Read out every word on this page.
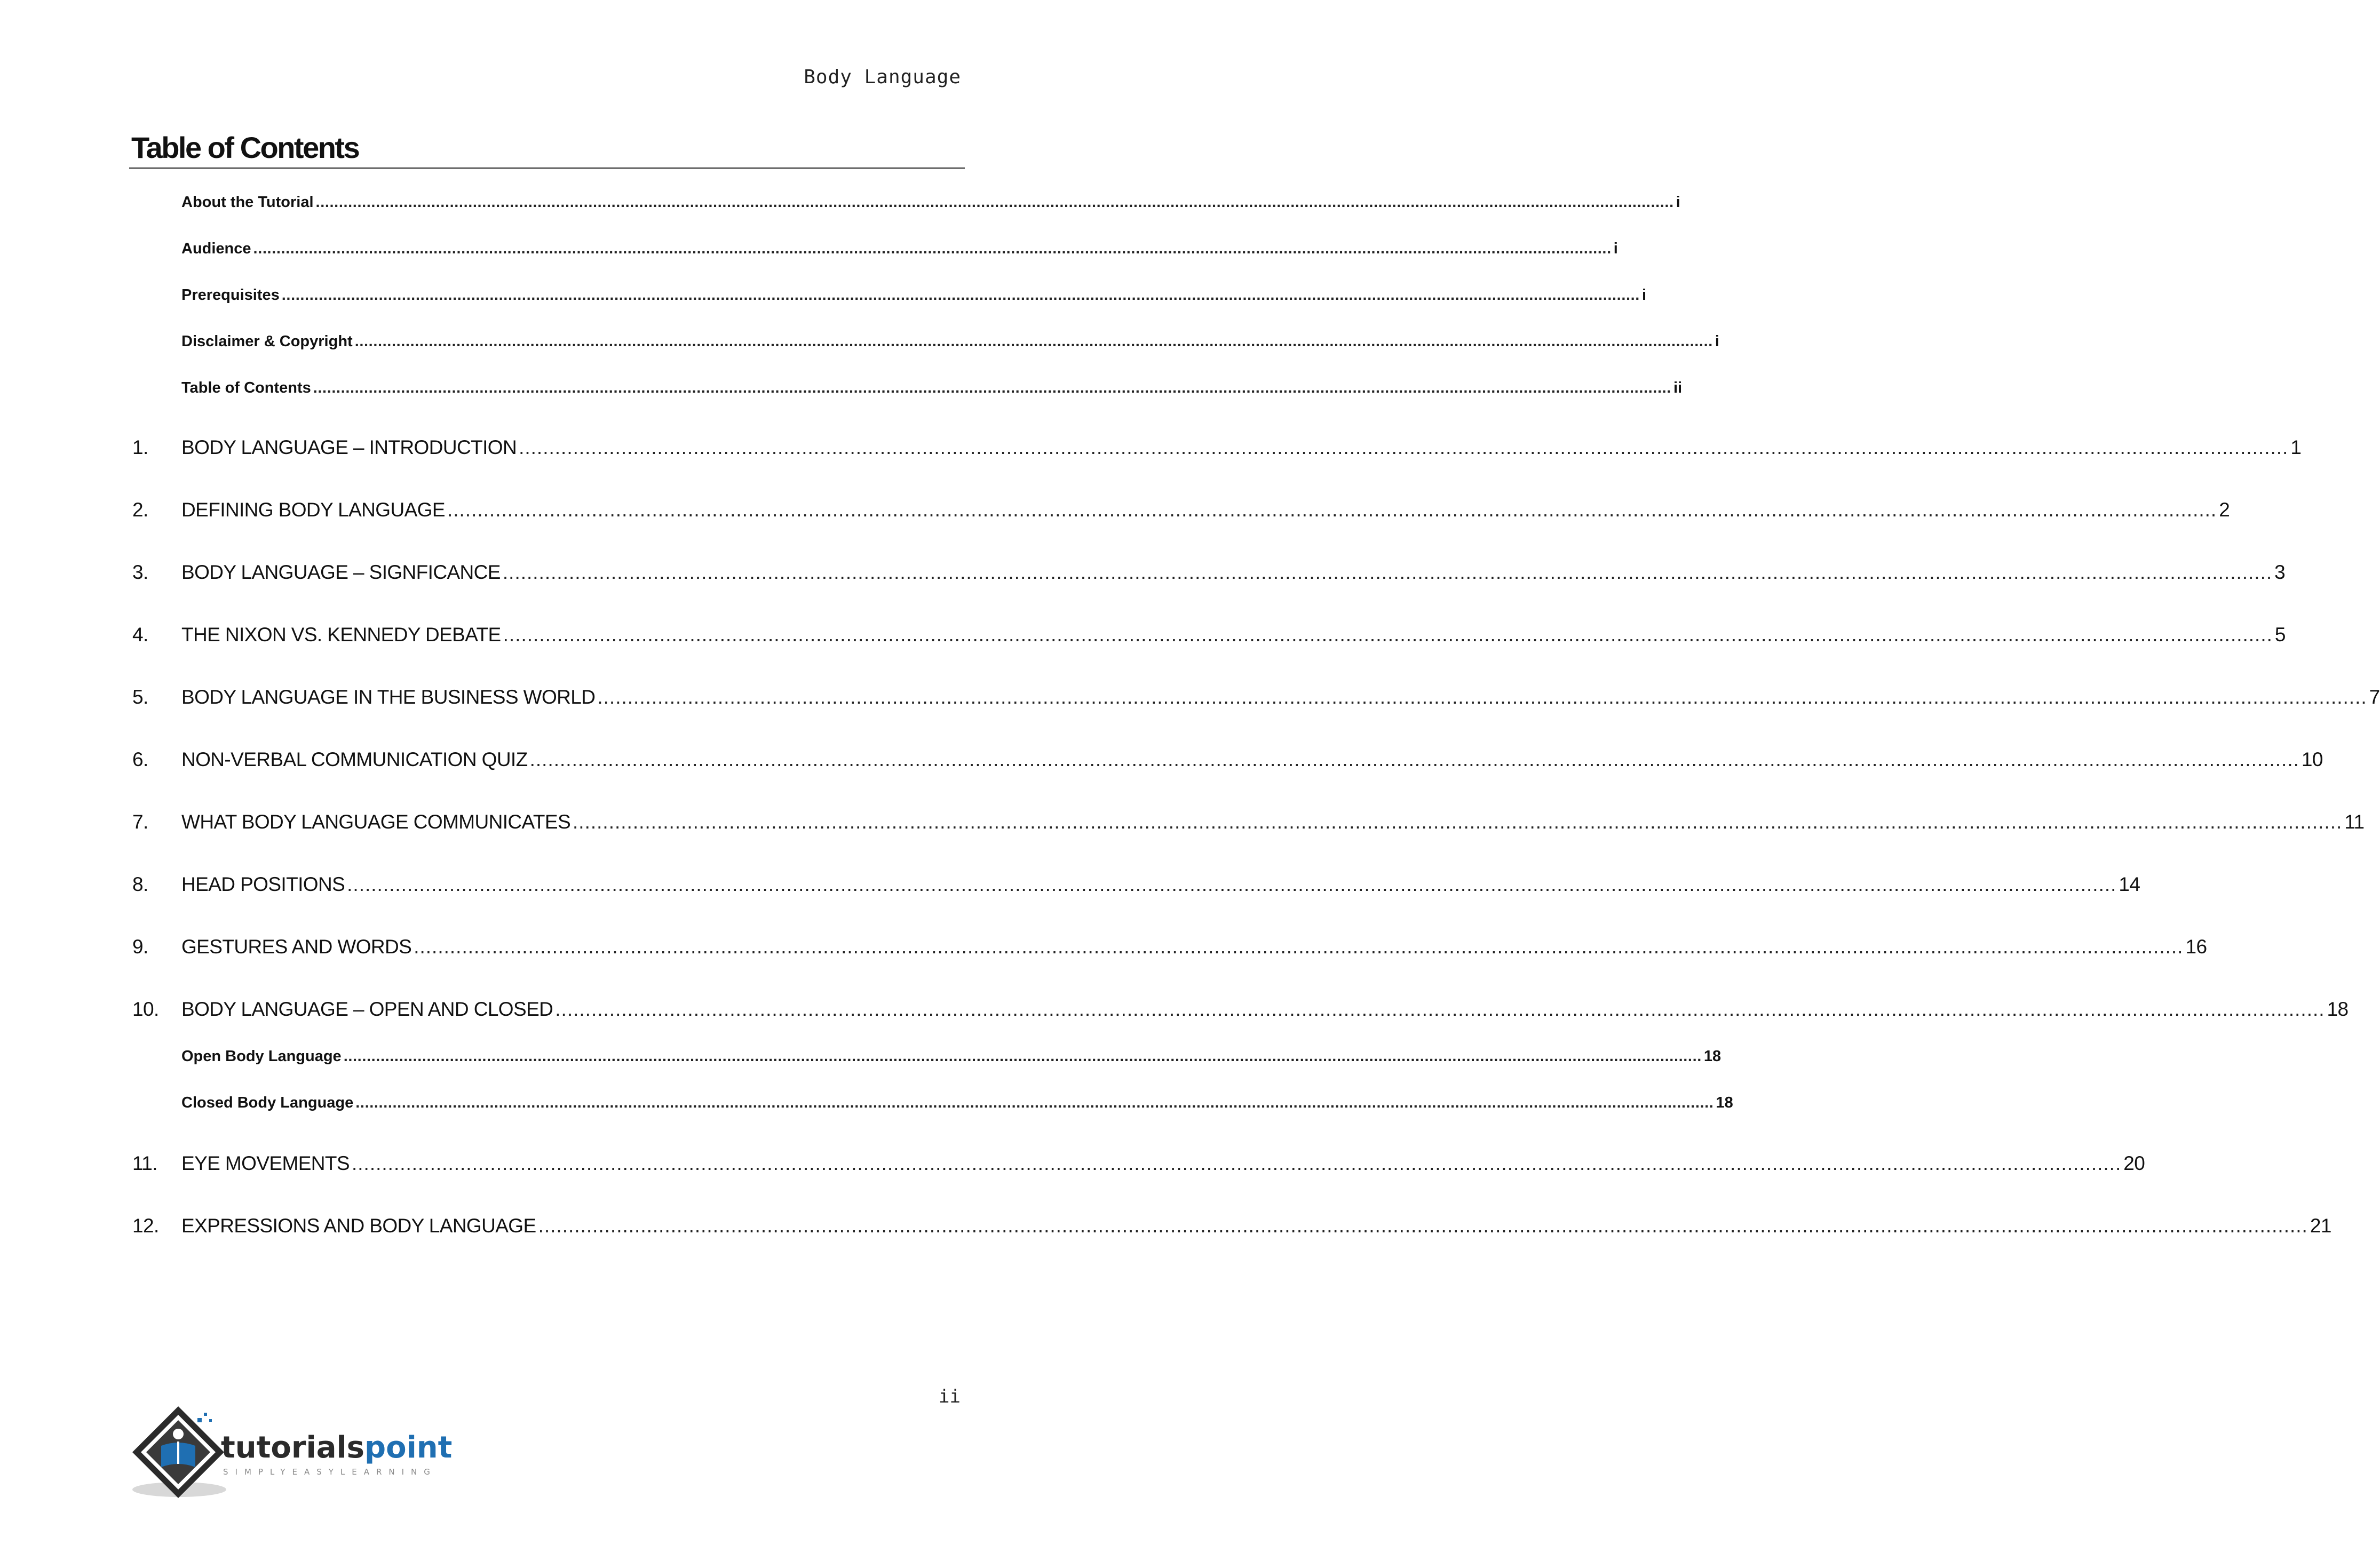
Body Language
Table of Contents
About the Tutorial .....	i
Audience .....	i
Prerequisites .....	i
Disclaimer & Copyright .....	i
Table of Contents .....	ii
1.	BODY LANGUAGE – INTRODUCTION .....	1
2.	DEFINING BODY LANGUAGE .....	2
3.	BODY LANGUAGE – SIGNFICANCE .....	3
4.	THE NIXON VS. KENNEDY DEBATE .....	5
5.	BODY LANGUAGE IN THE BUSINESS WORLD .....	7
6.	NON-VERBAL COMMUNICATION QUIZ .....	10
7.	WHAT BODY LANGUAGE COMMUNICATES .....	11
8.	HEAD POSITIONS .....	14
9.	GESTURES AND WORDS .....	16
10.	BODY LANGUAGE – OPEN AND CLOSED .....	18
Open Body Language .....	18
Closed Body Language .....	18
11.	EYE MOVEMENTS .....	20
12.	EXPRESSIONS AND BODY LANGUAGE .....	21
ii
tutorialspoint
SIMPLYEASYLEARNING
